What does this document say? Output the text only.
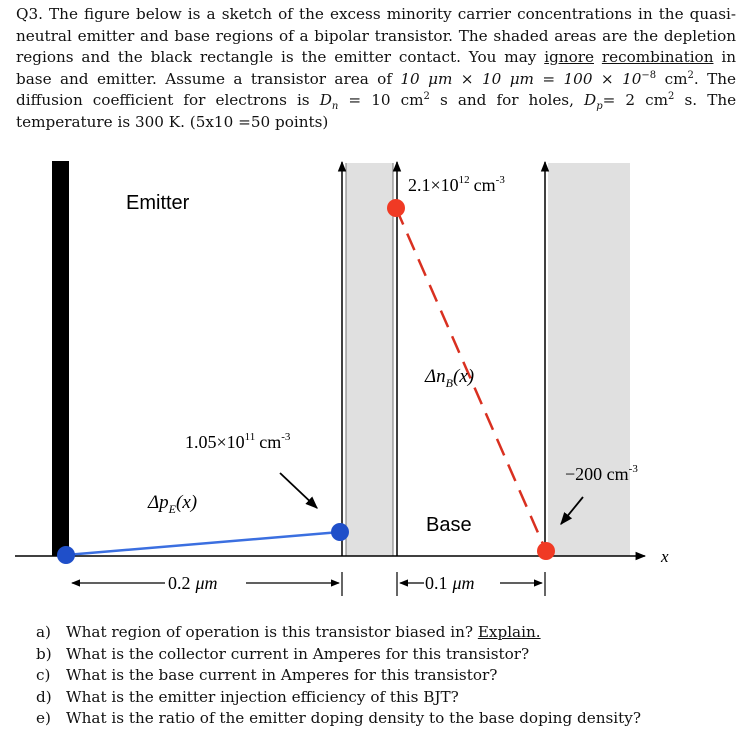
Q3. The figure below is a sketch of the excess minority carrier concentrations in the quasi-neutral emitter and base regions of a bipolar transistor. The shaded areas are the depletion regions and the black rectangle is the emitter contact. You may ignore recombination in base and emitter. Assume a transistor area of 10 μm × 10 $\mu m = 100 \times 10^{-8}$ $cm^2$. The diffusion coefficient for electrons is $D_n = 10$ $cm^2$ s and for holes, $D_p= 2$ $cm^2$ s. The temperature is 300 K. (5x10 =50 points)

x
Emitter
Base
$2.1\times 10^{12}$ $cm^{-3}$
$1.05\times 10^{11}$ $cm^{-3}$
−200 $cm^{-3}$
$\Delta n_B(x)$
$\Delta p_E(x)$
0.2 μm	0.1 μm
a) What region of operation is this transistor biased in? Explain.
b) What is the collector current in Amperes for this transistor?
c) What is the base current in Amperes for this transistor?
d) What is the emitter injection efficiency of this BJT?
e) What is the ratio of the emitter doping density to the base doping density?
